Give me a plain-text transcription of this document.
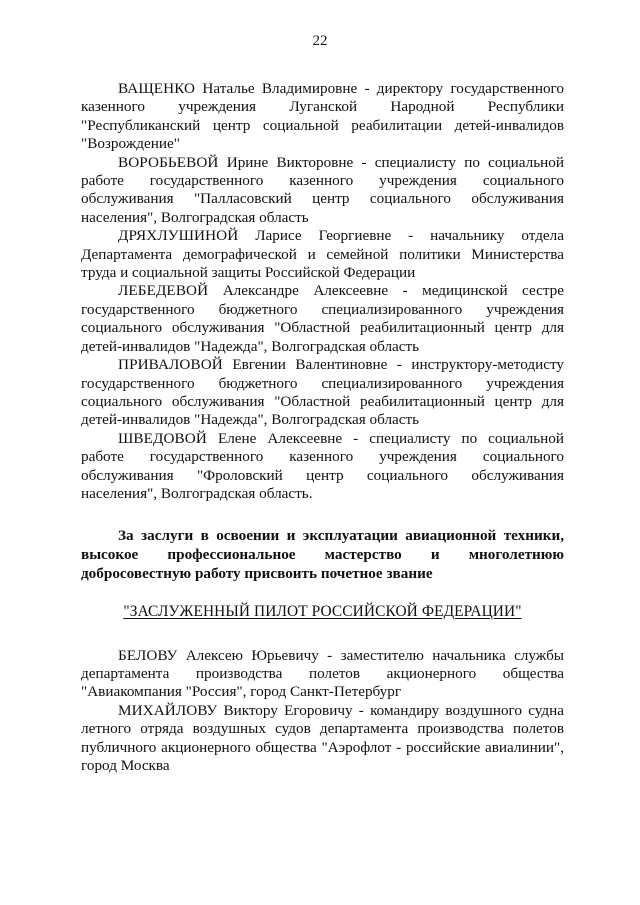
22

ВАЩЕНКО Наталье Владимировне - директору государственного казенного учреждения Луганской Народной Республики "Республиканский центр социальной реабилитации детей-инвалидов "Возрождение"

ВОРОБЬЕВОЙ Ирине Викторовне - специалисту по социальной работе государственного казенного учреждения социального обслуживания "Палласовский центр социального обслуживания населения", Волгоградская область

ДРЯХЛУШИНОЙ Ларисе Георгиевне - начальнику отдела Департамента демографической и семейной политики Министерства труда и социальной защиты Российской Федерации

ЛЕБЕДЕВОЙ Александре Алексеевне - медицинской сестре государственного бюджетного специализированного учреждения социального обслуживания "Областной реабилитационный центр для детей-инвалидов "Надежда", Волгоградская область

ПРИВАЛОВОЙ Евгении Валентиновне - инструктору-методисту государственного бюджетного специализированного учреждения социального обслуживания "Областной реабилитационный центр для детей-инвалидов "Надежда", Волгоградская область

ШВЕДОВОЙ Елене Алексеевне - специалисту по социальной работе государственного казенного учреждения социального обслуживания "Фроловский центр социального обслуживания населения", Волгоградская область.

За заслуги в освоении и эксплуатации авиационной техники, высокое профессиональное мастерство и многолетнюю добросовестную работу присвоить почетное звание

"ЗАСЛУЖЕННЫЙ ПИЛОТ РОССИЙСКОЙ ФЕДЕРАЦИИ"

БЕЛОВУ Алексею Юрьевичу - заместителю начальника службы департамента производства полетов акционерного общества "Авиакомпания "Россия", город Санкт-Петербург

МИХАЙЛОВУ Виктору Егоровичу - командиру воздушного судна летного отряда воздушных судов департамента производства полетов публичного акционерного общества "Аэрофлот - российские авиалинии", город Москва
